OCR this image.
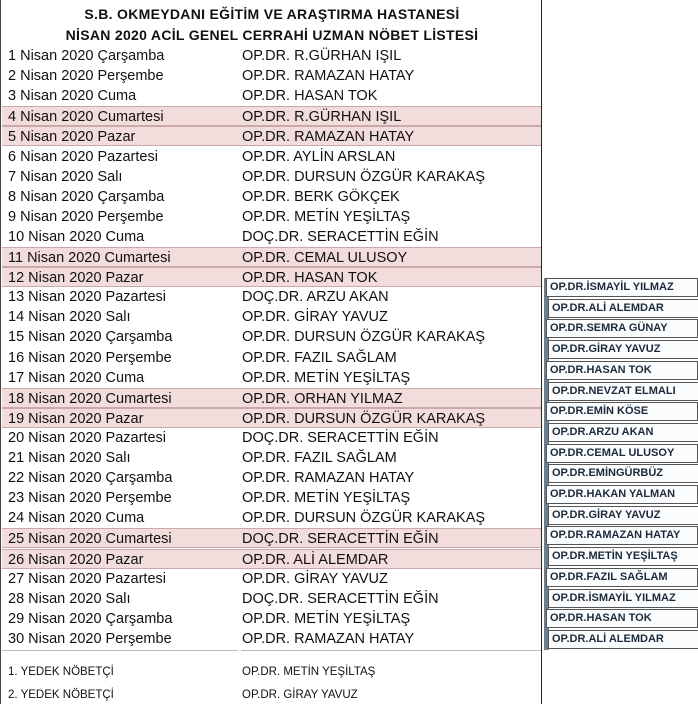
S.B. OKMEYDANI EĞİTİM VE ARAŞTIRMA HASTANESİ
NİSAN 2020 ACİL GENEL CERRAHİ UZMAN NÖBET LİSTESİ
1 Nisan 2020 Çarşamba	OP.DR. R.GÜRHAN IŞIL
2 Nisan 2020 Perşembe	OP.DR. RAMAZAN HATAY
3 Nisan 2020 Cuma	OP.DR. HASAN TOK
4 Nisan 2020 Cumartesi	OP.DR. R.GÜRHAN IŞIL
5 Nisan 2020 Pazar	OP.DR. RAMAZAN HATAY
6 Nisan 2020 Pazartesi	OP.DR. AYLİN ARSLAN
7 Nisan 2020 Salı	OP.DR. DURSUN ÖZGÜR KARAKAŞ
8 Nisan 2020 Çarşamba	OP.DR. BERK GÖKÇEK
9 Nisan 2020 Perşembe	OP.DR. METİN YEŞİLTAŞ
10 Nisan 2020 Cuma	DOÇ.DR. SERACETTİN EĞİN
11 Nisan 2020 Cumartesi	OP.DR. CEMAL ULUSOY
12 Nisan 2020 Pazar	OP.DR. HASAN TOK
13 Nisan 2020 Pazartesi	DOÇ.DR. ARZU AKAN
14 Nisan 2020 Salı	OP.DR. GİRAY YAVUZ
15 Nisan 2020 Çarşamba	OP.DR. DURSUN ÖZGÜR KARAKAŞ
16 Nisan 2020 Perşembe	OP.DR. FAZIL SAĞLAM
17 Nisan 2020 Cuma	OP.DR. METİN YEŞİLTAŞ
18 Nisan 2020 Cumartesi	OP.DR. ORHAN YILMAZ
19 Nisan 2020 Pazar	OP.DR. DURSUN ÖZGÜR KARAKAŞ
20 Nisan 2020 Pazartesi	DOÇ.DR. SERACETTİN EĞİN
21 Nisan 2020 Salı	OP.DR. FAZIL SAĞLAM
22 Nisan 2020 Çarşamba	OP.DR. RAMAZAN HATAY
23 Nisan 2020 Perşembe	OP.DR. METİN YEŞİLTAŞ
24 Nisan 2020 Cuma	OP.DR. DURSUN ÖZGÜR KARAKAŞ
25 Nisan 2020 Cumartesi	DOÇ.DR. SERACETTİN EĞİN
26 Nisan 2020 Pazar	OP.DR. ALİ ALEMDAR
27 Nisan 2020 Pazartesi	OP.DR. GİRAY YAVUZ
28 Nisan 2020 Salı	DOÇ.DR. SERACETTİN EĞİN
29 Nisan 2020 Çarşamba	OP.DR. METİN YEŞİLTAŞ
30 Nisan 2020 Perşembe	OP.DR. RAMAZAN HATAY
1. YEDEK NÖBETÇİ	OP.DR. METİN YEŞİLTAŞ
2. YEDEK NÖBETÇİ	OP.DR. GİRAY YAVUZ
OP.DR.İSMAYİL YILMAZ
OP.DR.ALİ ALEMDAR
OP.DR.SEMRA GÜNAY
OP.DR.GİRAY YAVUZ
OP.DR.HASAN TOK
OP.DR.NEVZAT ELMALI
OP.DR.EMİN KÖSE
OP.DR.ARZU AKAN
OP.DR.CEMAL ULUSOY
OP.DR.EMİNGÜRBÜZ
OP.DR.HAKAN YALMAN
OP.DR.GİRAY YAVUZ
OP.DR.RAMAZAN HATAY
OP.DR.METİN YEŞİLTAŞ
OP.DR.FAZIL SAĞLAM
OP.DR.İSMAYİL YILMAZ
OP.DR.HASAN TOK
OP.DR.ALİ ALEMDAR
